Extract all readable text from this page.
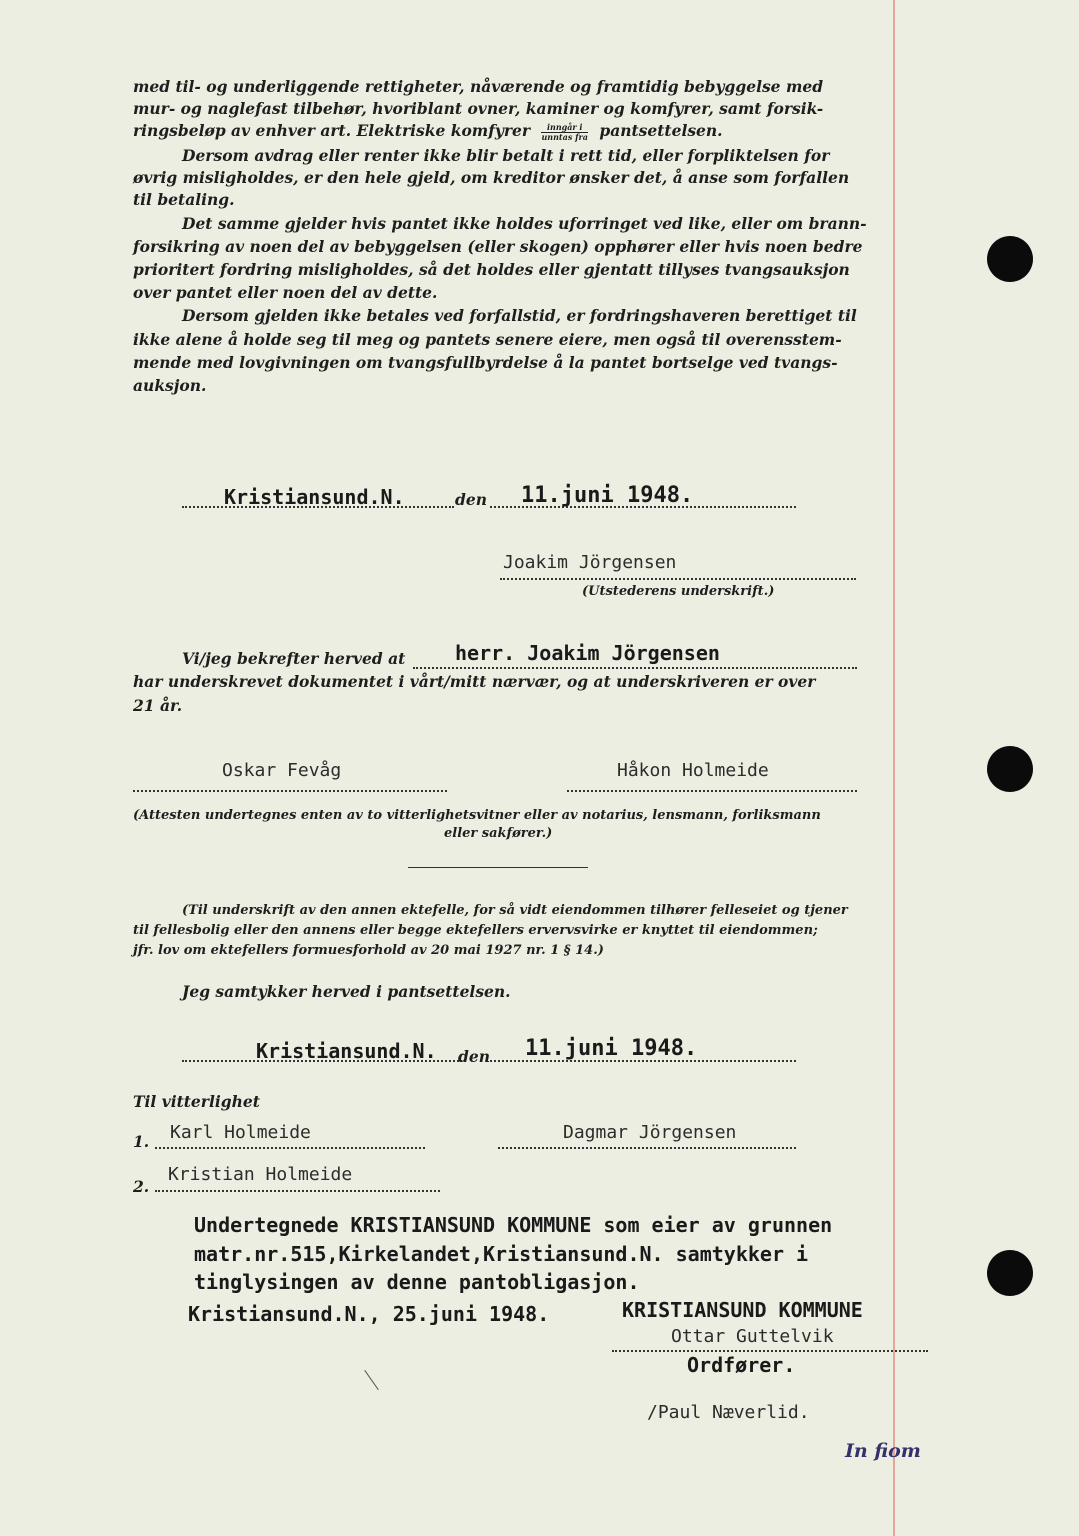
med til- og underliggende rettigheter, nåværende og framtidig bebyggelse med
mur- og naglefast tilbehør, hvoriblant ovner, kaminer og komfyrer, samt forsik-
ringsbeløp av enhver art. Elektriske komfyrer $\frac{\text{inngår i}}{\text{unntas fra}}$ pantsettelsen.
Dersom avdrag eller renter ikke blir betalt i rett tid, eller forpliktelsen for
øvrig misligholdes, er den hele gjeld, om kreditor ønsker det, å anse som forfallen
til betaling.
Det samme gjelder hvis pantet ikke holdes uforringet ved like, eller om brann-
forsikring av noen del av bebyggelsen (eller skogen) opphører eller hvis noen bedre
prioritert fordring misligholdes, så det holdes eller gjentatt tillyses tvangsauksjon
over pantet eller noen del av dette.
Dersom gjelden ikke betales ved forfallstid, er fordringshaveren berettiget til
ikke alene å holde seg til meg og pantets senere eiere, men også til overensstem-
mende med lovgivningen om tvangsfullbyrdelse å la pantet bortselge ved tvangs-
auksjon.
Kristiansund.N.	den 11.juni 1948.
Joakim Jörgensen
(Utstederens underskrift.)
Vi/jeg bekrefter herved at herr. Joakim Jörgensen
har underskrevet dokumentet i vårt/mitt nærvær, og at underskriveren er over
21 år.
Oskar Fevåg	Håkon Holmeide
(Attesten undertegnes enten av to vitterlighetsvitner eller av notarius, lensmann, forliksmann
eller sakfører.)
(Til underskrift av den annen ektefelle, for så vidt eiendommen tilhører felleseiet og tjener
til fellesbolig eller den annens eller begge ektefellers ervervsvirke er knyttet til eiendommen;
jfr. lov om ektefellers formuesforhold av 20 mai 1927 nr. 1 § 14.)
Jeg samtykker herved i pantsettelsen.
Kristiansund.N. den 11.juni 1948.
Til vitterlighet
1. Karl Holmeide	Dagmar Jörgensen
2.
Kristian Holmeide
Undertegnede KRISTIANSUND KOMMUNE som eier av grunnen
matr.nr.515,Kirkelandet,Kristiansund.N. samtykker i
tinglysingen av denne pantobligasjon.
Kristiansund.N., 25.juni 1948.	KRISTIANSUND KOMMUNE
Ottar Guttelvik
Ordfører.
/Paul Næverlid.
In fiom
